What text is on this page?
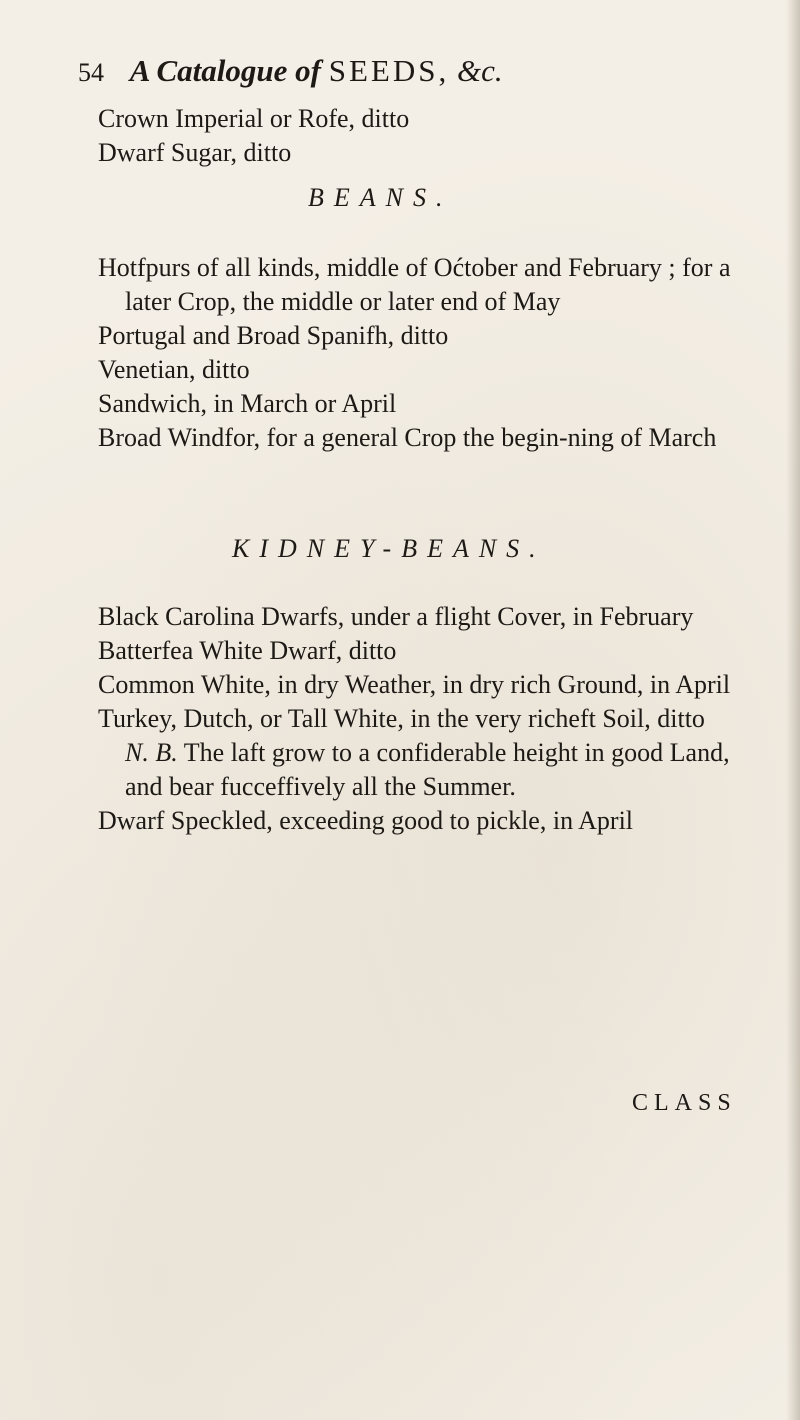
54 A Catalogue of SEEDS, &c.

Crown Imperial or Rofe, ditto

Dwarf Sugar, ditto

BEANS.

Hotfpurs of all kinds, middle of Oćtober and February ; for a later Crop, the middle or later end of May

Portugal and Broad Spanifh, ditto

Venetian, ditto

Sandwich, in March or April

Broad Windfor, for a general Crop the begin-ning of March

KIDNEY-BEANS.

Black Carolina Dwarfs, under a flight Cover, in February

Batterfea White Dwarf, ditto

Common White, in dry Weather, in dry rich Ground, in April

Turkey, Dutch, or Tall White, in the very richeft Soil, ditto

N. B. The laft grow to a confiderable height in good Land, and bear fucceffively all the Summer.

Dwarf Speckled, exceeding good to pickle, in April

CLASS
